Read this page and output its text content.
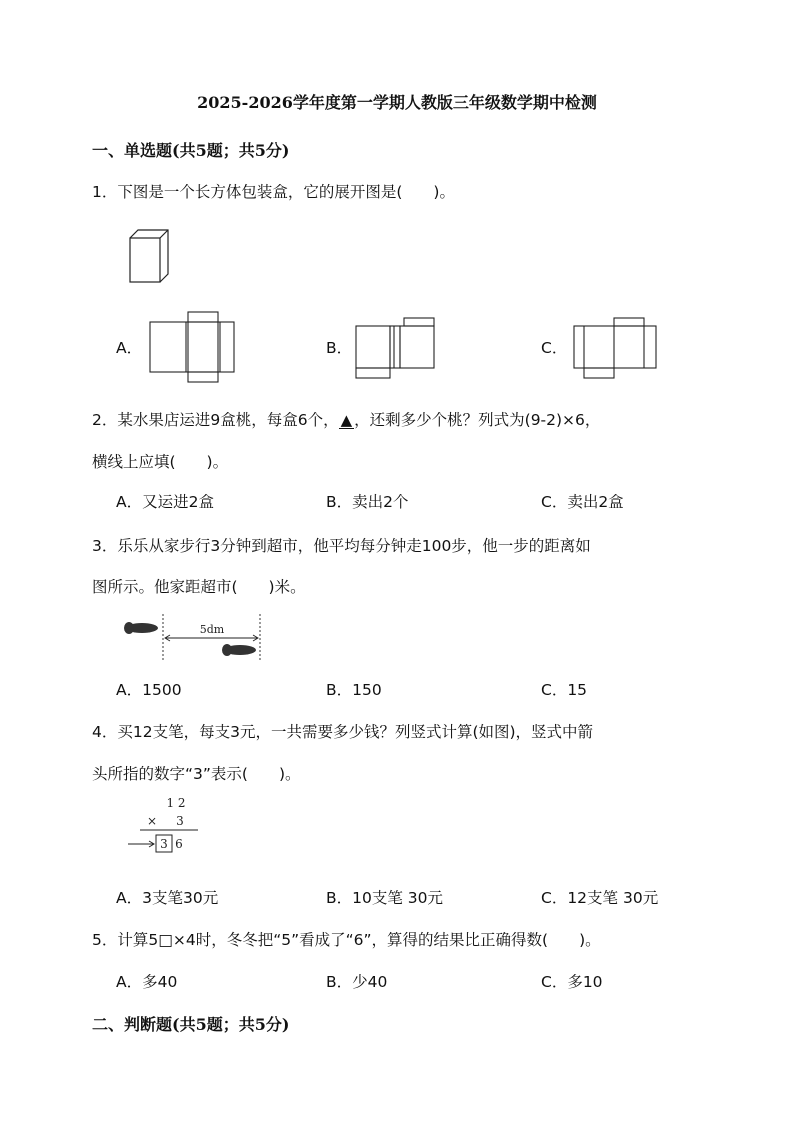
2025-2026学年度第一学期人教版三年级数学期中检测
一、单选题(共5题；共5分)
1．下图是一个长方体包装盒，它的展开图是(　　)。
A．	B．	C．
2．某水果店运进9盒桃，每盒6个， ▲ ，还剩多少个桃？列式为(9-2)×6，
横线上应填(　　)。
A．又运进2盒	B．卖出2个	C．卖出2盒
3．乐乐从家步行3分钟到超市，他平均每分钟走100步，他一步的距离如
图所示。他家距超市(　　)米。
5dm
A．1500	B．150	C．15
4．买12支笔，每支3元，一共需要多少钱？列竖式计算(如图)，竖式中箭
头所指的数字“3”表示(　　)。
1 2
× 3
3 6
A．3支笔30元	B．10支笔 30元	C．12支笔 30元
5．计算5□×4时，冬冬把“5”看成了“6”，算得的结果比正确得数(　　)。
A．多40	B．少40	C．多10
二、判断题(共5题；共5分)
